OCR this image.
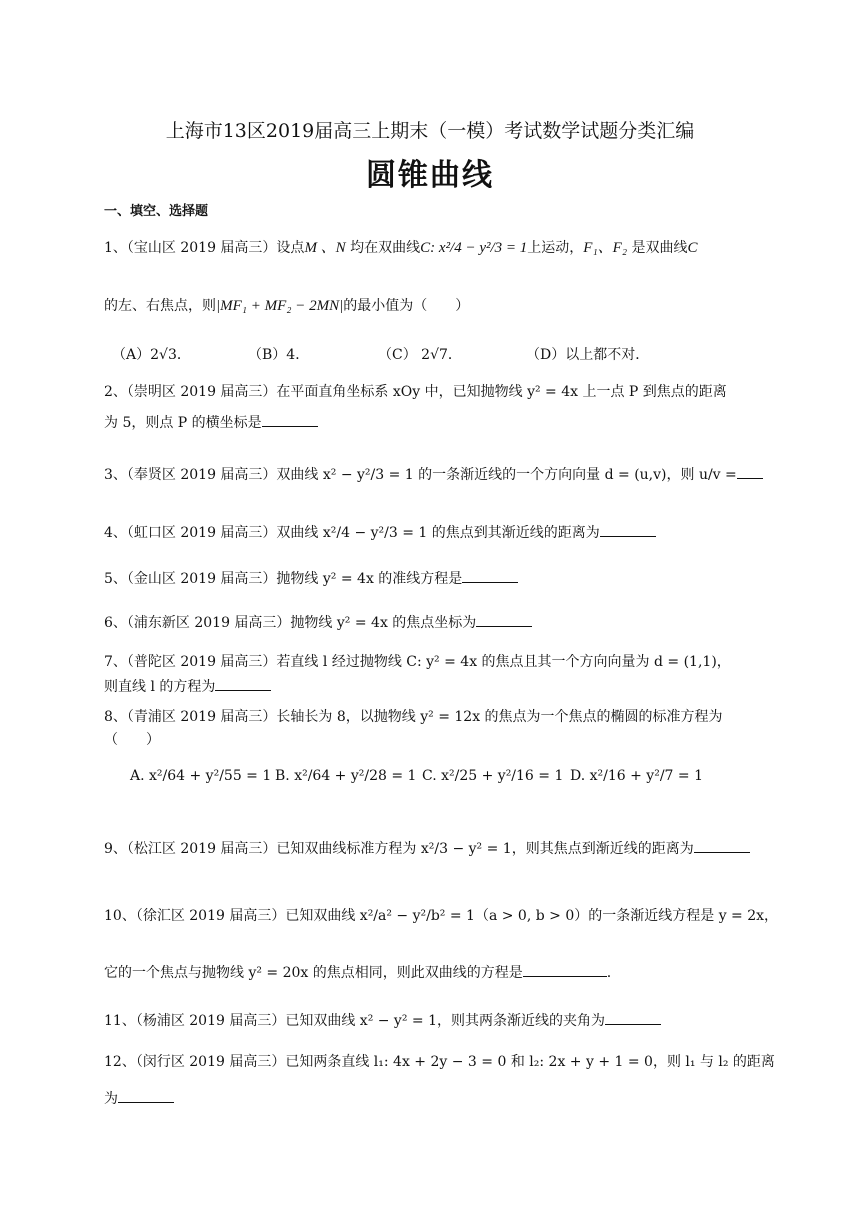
上海市13区2019届高三上期末（一模）考试数学试题分类汇编
圆锥曲线
一、填空、选择题
1、（宝山区 2019 届高三）设点M 、N 均在双曲线C: x²/4 − y²/3 = 1上运动，F₁、F₂ 是双曲线C
的左、右焦点，则|MF₁ + MF₂ − 2MN|的最小值为（　　）
（A）2√3．	（B）4．	（C） 2√7．	（D）以上都不对．
2、（崇明区 2019 届高三）在平面直角坐标系 xOy 中，已知抛物线 y² = 4x 上一点 P 到焦点的距离
为 5，则点 P 的横坐标是
3、（奉贤区 2019 届高三）双曲线 x² − y²/3 = 1 的一条渐近线的一个方向向量 d = (u,v)，则 u/v =
4、（虹口区 2019 届高三）双曲线 x²/4 − y²/3 = 1 的焦点到其渐近线的距离为
5、（金山区 2019 届高三）抛物线 y² = 4x 的准线方程是
6、（浦东新区 2019 届高三）抛物线 y² = 4x 的焦点坐标为
7、（普陀区 2019 届高三）若直线 l 经过抛物线 C: y² = 4x 的焦点且其一个方向向量为 d = (1,1)，
则直线 l 的方程为
8、（青浦区 2019 届高三）长轴长为 8，以抛物线 y² = 12x 的焦点为一个焦点的椭圆的标准方程为
（　　）
A. x²/64 + y²/55 = 1 B. x²/64 + y²/28 = 1 C. x²/25 + y²/16 = 1 D. x²/16 + y²/7 = 1
9、（松江区 2019 届高三）已知双曲线标准方程为 x²/3 − y² = 1，则其焦点到渐近线的距离为
10、（徐汇区 2019 届高三）已知双曲线 x²/a² − y²/b² = 1（a > 0, b > 0）的一条渐近线方程是 y = 2x，
它的一个焦点与抛物线 y² = 20x 的焦点相同，则此双曲线的方程是	.
11、（杨浦区 2019 届高三）已知双曲线 x² − y² = 1，则其两条渐近线的夹角为
12、（闵行区 2019 届高三）已知两条直线 l₁: 4x + 2y − 3 = 0 和 l₂: 2x + y + 1 = 0，则 l₁ 与 l₂ 的距离
为
